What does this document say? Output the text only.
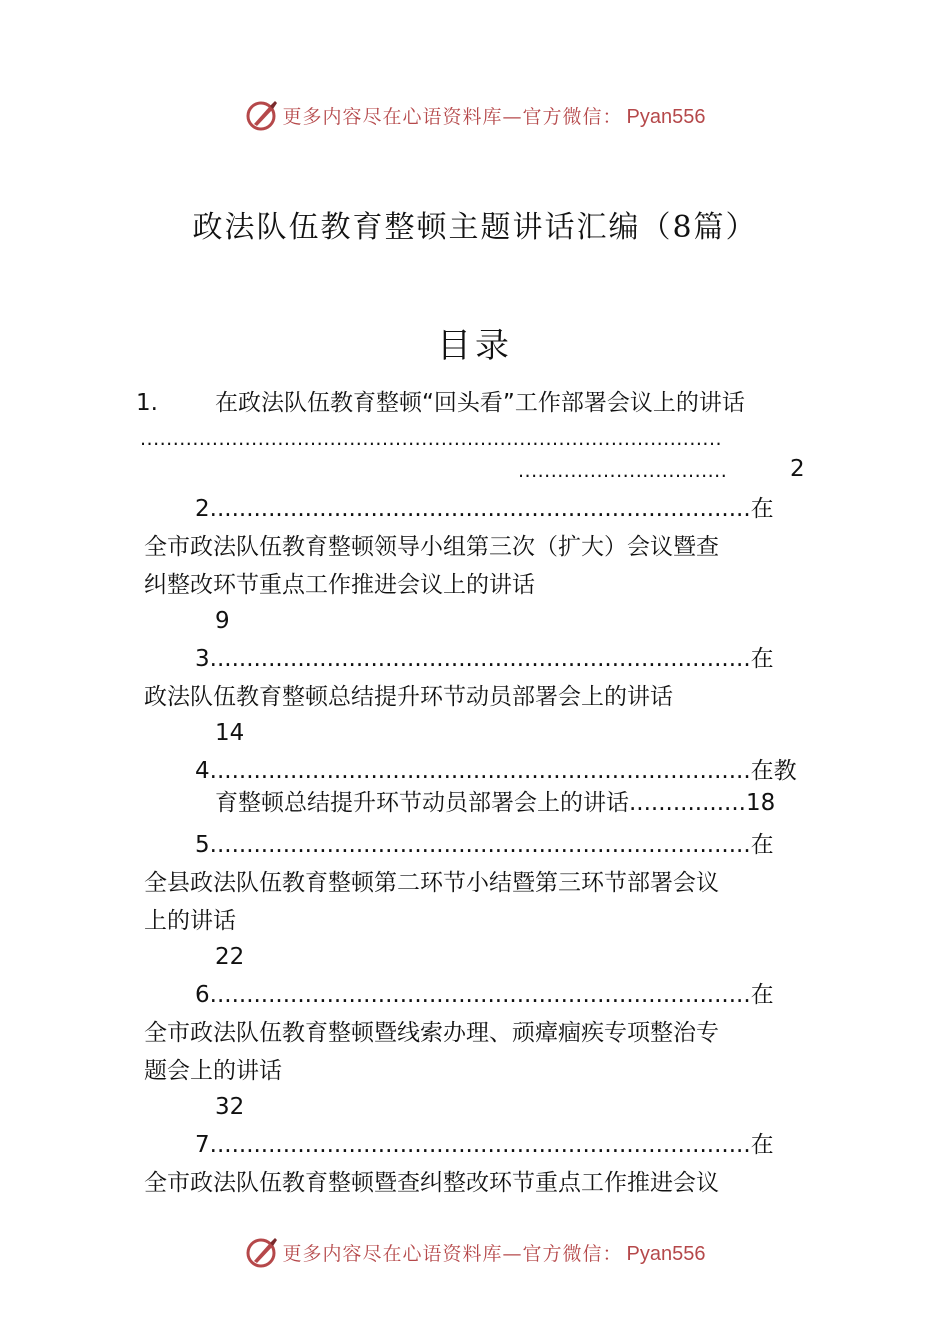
更多内容尽在心语资料库—官方微信： Pyan556
政法队伍教育整顿主题讲话汇编（8篇）
目录
1. 在政法队伍教育整顿“回头看”工作部署会议上的讲话
.........................................................................................
................................	2
2..........................................................................在
全市政法队伍教育整顿领导小组第三次（扩大）会议暨查
纠整改环节重点工作推进会议上的讲话
9
3..........................................................................在
政法队伍教育整顿总结提升环节动员部署会上的讲话
14
4..........................................................................在教
育整顿总结提升环节动员部署会上的讲话................18
5..........................................................................在
全县政法队伍教育整顿第二环节小结暨第三环节部署会议
上的讲话
22
6..........................................................................在
全市政法队伍教育整顿暨线索办理、顽瘴痼疾专项整治专
题会上的讲话
32
7..........................................................................在
全市政法队伍教育整顿暨查纠整改环节重点工作推进会议
更多内容尽在心语资料库—官方微信： Pyan556
